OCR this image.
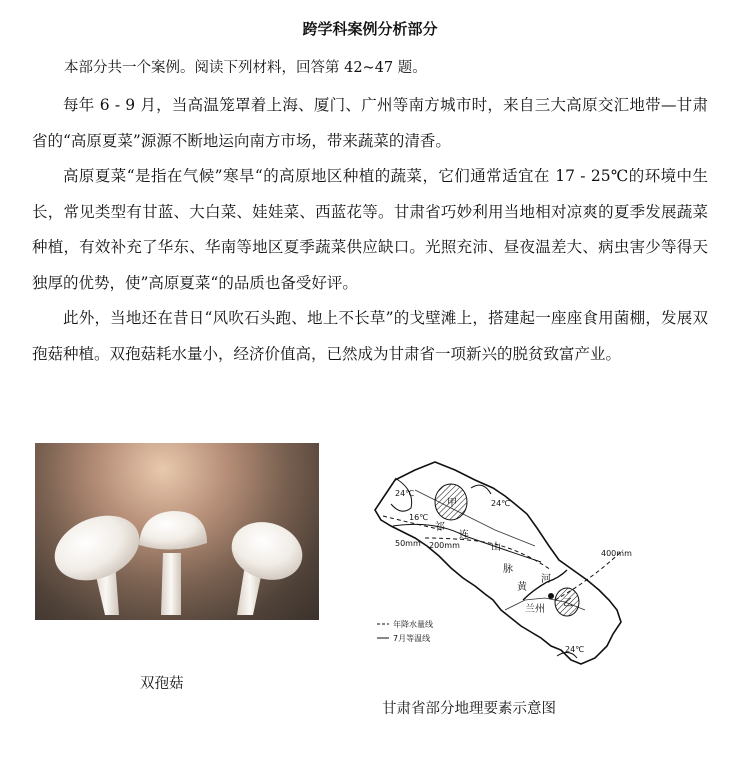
跨学科案例分析部分
本部分共一个案例。阅读下列材料，回答第 42~47 题。
每年 6 - 9 月，当高温笼罩着上海、厦门、广州等南方城市时，来自三大高原交汇地带—甘肃省的“高原夏菜”源源不断地运向南方市场，带来蔬菜的清香。
高原夏菜“是指在气候”寒旱“的高原地区种植的蔬菜，它们通常适宜在 17 - 25℃的环境中生长，常见类型有甘蓝、大白菜、娃娃菜、西蓝花等。甘肃省巧妙利用当地相对凉爽的夏季发展蔬菜种植，有效补充了华东、华南等地区夏季蔬菜供应缺口。光照充沛、昼夜温差大、病虫害少等得天独厚的优势，使”高原夏菜“的品质也备受好评。
此外，当地还在昔日“风吹石头跑、地上不长草”的戈壁滩上，搭建起一座座食用菌棚，发展双孢菇种植。双孢菇耗水量小，经济价值高，已然成为甘肃省一项新兴的脱贫致富产业。
双孢菇
24℃
24℃
16℃
24℃
50mm 200mm
400mm
甲
乙
祁
连
山
脉
黄
河
兰州
年降水量线
7月等温线
甘肃省部分地理要素示意图
